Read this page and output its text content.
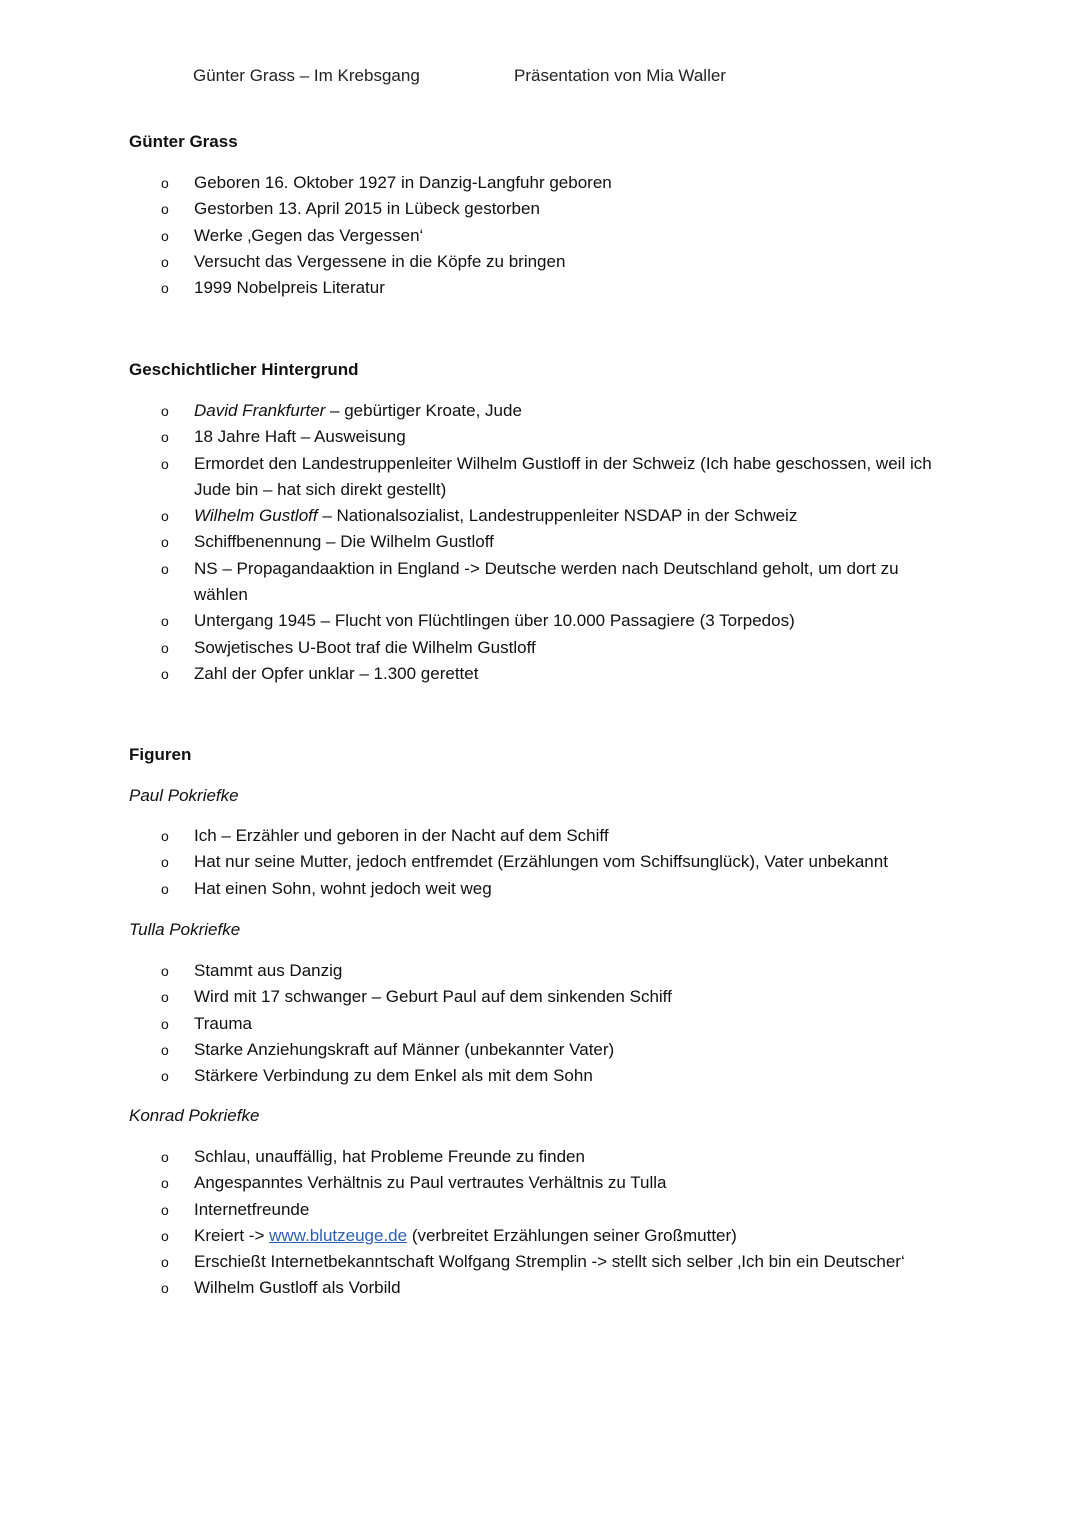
Günter Grass – Im Krebsgang	Präsentation von Mia Waller
Günter Grass
o Geboren 16. Oktober 1927 in Danzig-Langfuhr geboren
o Gestorben 13. April 2015 in Lübeck gestorben
o Werke ‚Gegen das Vergessen‘
o Versucht das Vergessene in die Köpfe zu bringen
o 1999 Nobelpreis Literatur
Geschichtlicher Hintergrund
o David Frankfurter – gebürtiger Kroate, Jude
o 18 Jahre Haft – Ausweisung
o Ermordet den Landestruppenleiter Wilhelm Gustloff in der Schweiz (Ich habe geschossen, weil ich Jude bin – hat sich direkt gestellt)
o Wilhelm Gustloff – Nationalsozialist, Landestruppenleiter NSDAP in der Schweiz
o Schiffbenennung – Die Wilhelm Gustloff
o NS – Propagandaaktion in England -> Deutsche werden nach Deutschland geholt, um dort zu wählen
o Untergang 1945 – Flucht von Flüchtlingen über 10.000 Passagiere (3 Torpedos)
o Sowjetisches U-Boot traf die Wilhelm Gustloff
o Zahl der Opfer unklar – 1.300 gerettet
Figuren
Paul Pokriefke
o Ich – Erzähler und geboren in der Nacht auf dem Schiff
o Hat nur seine Mutter, jedoch entfremdet (Erzählungen vom Schiffsunglück), Vater unbekannt
o Hat einen Sohn, wohnt jedoch weit weg
Tulla Pokriefke
o Stammt aus Danzig
o Wird mit 17 schwanger – Geburt Paul auf dem sinkenden Schiff
o Trauma
o Starke Anziehungskraft auf Männer (unbekannter Vater)
o Stärkere Verbindung zu dem Enkel als mit dem Sohn
Konrad Pokriefke
o Schlau, unauffällig, hat Probleme Freunde zu finden
o Angespanntes Verhältnis zu Paul vertrautes Verhältnis zu Tulla
o Internetfreunde
o Kreiert -> www.blutzeuge.de (verbreitet Erzählungen seiner Großmutter)
o Erschießt Internetbekanntschaft Wolfgang Stremplin -> stellt sich selber ‚Ich bin ein Deutscher‘
o Wilhelm Gustloff als Vorbild
